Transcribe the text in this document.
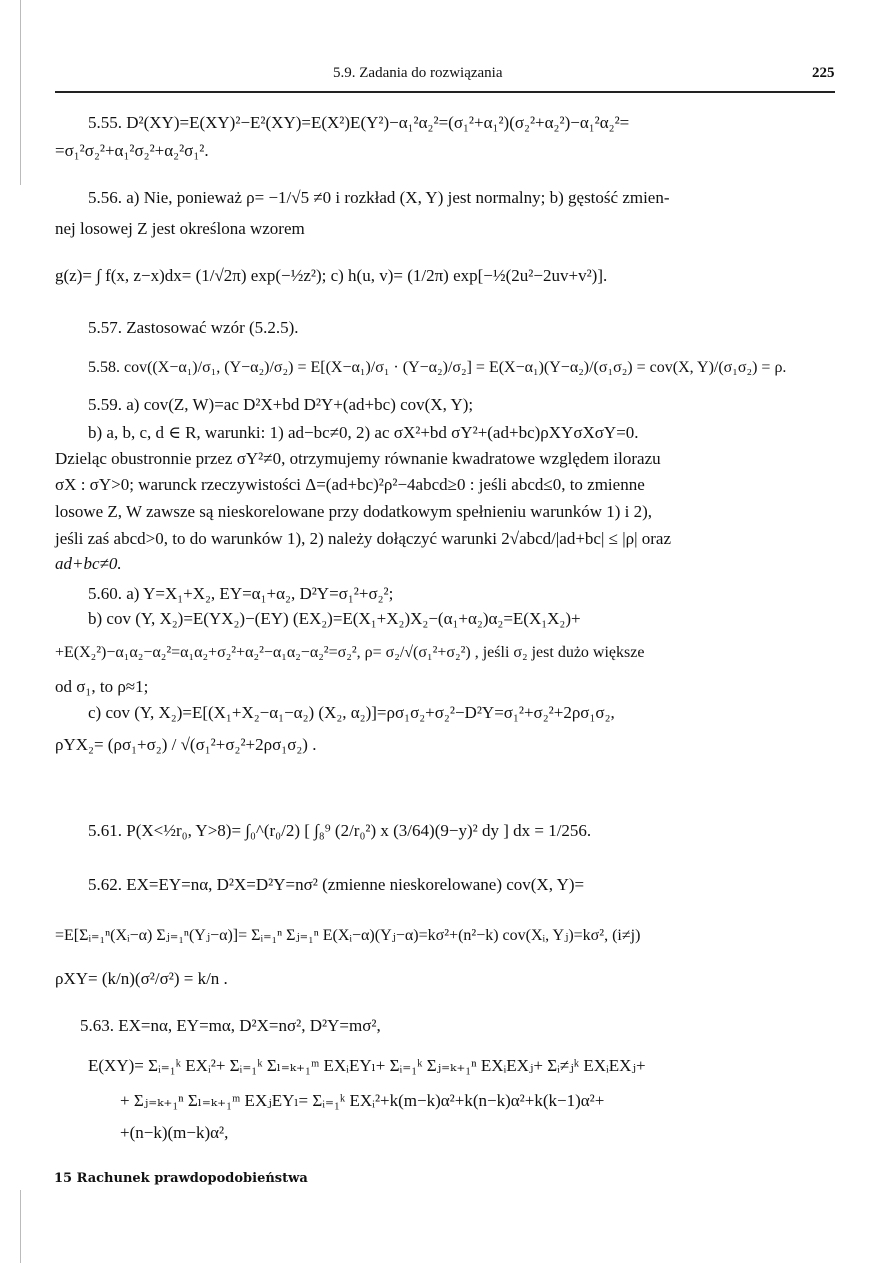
5.9. Zadania do rozwiązania	225
5.55. D²(XY)=E(XY)²−E²(XY)=E(X²)E(Y²)−α₁²α₂²=(σ₁²+α₁²)(σ₂²+α₂²)−α₁²α₂²=
=σ₁²σ₂²+α₁²σ₂²+α₂²σ₁².
5.56. a) Nie, ponieważ ρ= −1/√5 ≠0 i rozkład (X, Y) jest normalny; b) gęstość zmien-
nej losowej Z jest określona wzorem
g(z)= ∫ f(x, z−x)dx= (1/√2π) exp(−½z²); c) h(u, v)= (1/2π) exp[−½(2u²−2uv+v²)].
5.57. Zastosować wzór (5.2.5).
5.58. cov((X−α₁)/σ₁, (Y−α₂)/σ₂) = E[(X−α₁)/σ₁ · (Y−α₂)/σ₂] = E(X−α₁)(Y−α₂)/(σ₁σ₂) = cov(X, Y)/(σ₁σ₂) = ρ.
5.59. a) cov(Z, W)=ac D²X+bd D²Y+(ad+bc) cov(X, Y);
b) a, b, c, d ∈ R, warunki: 1) ad−bc≠0, 2) ac σX²+bd σY²+(ad+bc)ρXYσXσY=0.
Dzieląc obustronnie przez σY²≠0, otrzymujemy równanie kwadratowe względem ilorazu
σX : σY>0; warunck rzeczywistości Δ=(ad+bc)²ρ²−4abcd≥0 : jeśli abcd≤0, to zmienne
losowe Z, W zawsze są nieskorelowane przy dodatkowym spełnieniu warunków 1) i 2),
jeśli zaś abcd>0, to do warunków 1), 2) należy dołączyć warunki 2√abcd/|ad+bc| ≤ |ρ| oraz
ad+bc≠0.
5.60. a) Y=X₁+X₂, EY=α₁+α₂, D²Y=σ₁²+σ₂²;
b) cov (Y, X₂)=E(YX₂)−(EY) (EX₂)=E(X₁+X₂)X₂−(α₁+α₂)α₂=E(X₁X₂)+
+E(X₂²)−α₁α₂−α₂²=α₁α₂+σ₂²+α₂²−α₁α₂−α₂²=σ₂², ρ= σ₂/√(σ₁²+σ₂²) , jeśli σ₂ jest dużo większe
od σ₁, to ρ≈1;
c) cov (Y, X₂)=E[(X₁+X₂−α₁−α₂) (X₂, α₂)]=ρσ₁σ₂+σ₂²−D²Y=σ₁²+σ₂²+2ρσ₁σ₂,
ρYX₂= (ρσ₁+σ₂) / √(σ₁²+σ₂²+2ρσ₁σ₂) .
5.61. P(X<½r₀, Y>8)= ∫₀^(r₀/2) [ ∫₈⁹ (2/r₀²) x (3/64)(9−y)² dy ] dx = 1/256.
5.62. EX=EY=nα, D²X=D²Y=nσ² (zmienne nieskorelowane) cov(X, Y)=
=E[Σᵢ₌₁ⁿ(Xᵢ−α) Σⱼ₌₁ⁿ(Yⱼ−α)]= Σᵢ₌₁ⁿ Σⱼ₌₁ⁿ E(Xᵢ−α)(Yⱼ−α)=kσ²+(n²−k) cov(Xᵢ, Yⱼ)=kσ², (i≠j)
ρXY= (k/n)(σ²/σ²) = k/n .
5.63. EX=nα, EY=mα, D²X=nσ², D²Y=mσ²,
E(XY)= Σᵢ₌₁ᵏ EXᵢ²+ Σᵢ₌₁ᵏ Σₗ₌ₖ₊₁ᵐ EXᵢEYₗ+ Σᵢ₌₁ᵏ Σⱼ₌ₖ₊₁ⁿ EXᵢEXⱼ+ Σᵢ≠ⱼᵏ EXᵢEXⱼ+
+ Σⱼ₌ₖ₊₁ⁿ Σₗ₌ₖ₊₁ᵐ EXⱼEYₗ= Σᵢ₌₁ᵏ EXᵢ²+k(m−k)α²+k(n−k)α²+k(k−1)α²+
+(n−k)(m−k)α²,
15 Rachunek prawdopodobieństwa
